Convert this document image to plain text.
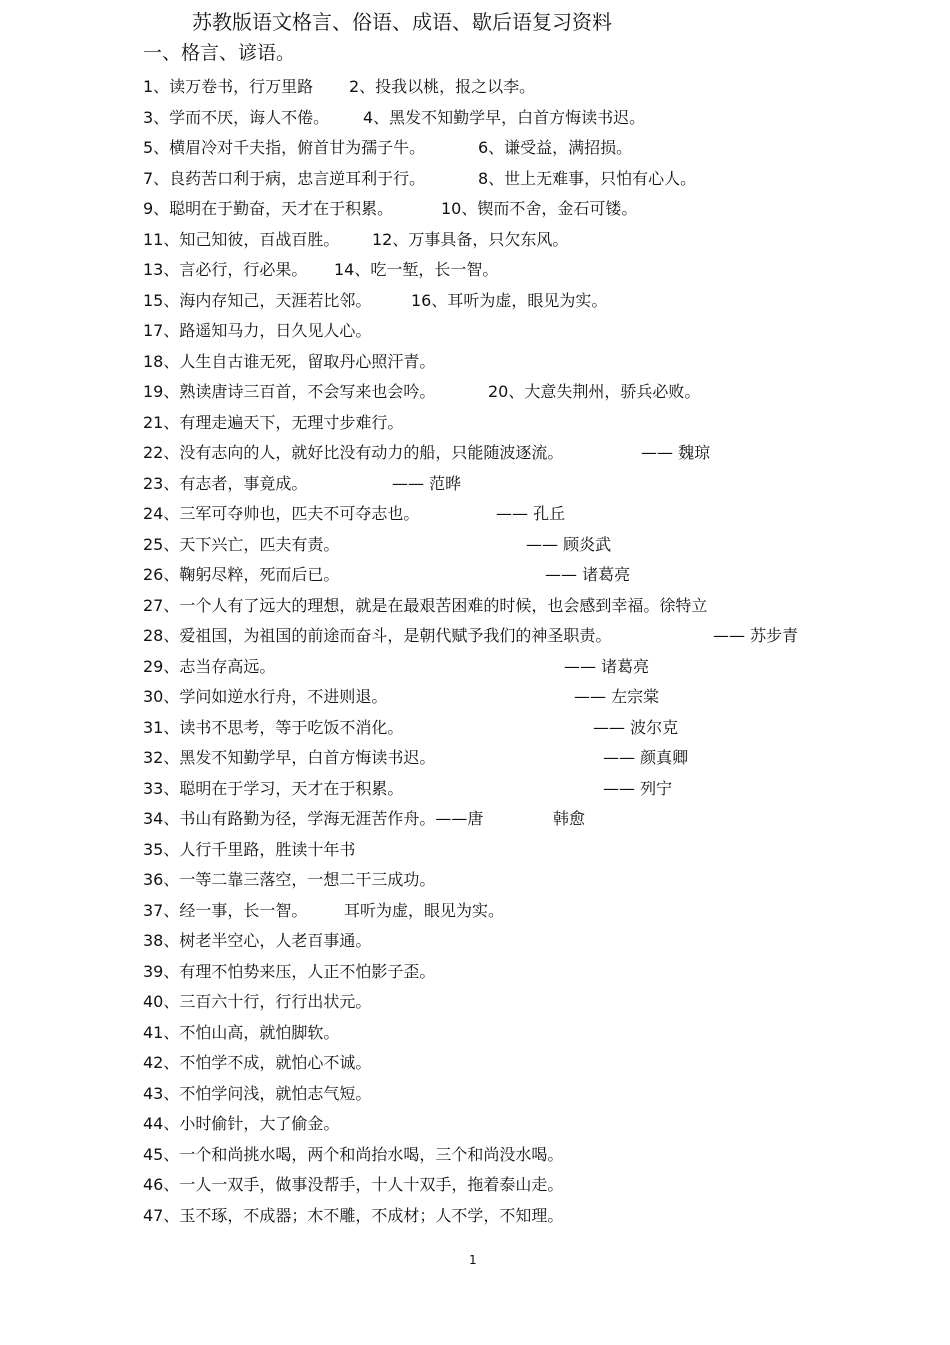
苏教版语文格言、俗语、成语、歇后语复习资料
一、格言、谚语。
1、读万卷书，行万里路 2、投我以桃，报之以李。
3、学而不厌，诲人不倦。 4、黑发不知勤学早，白首方悔读书迟。
5、横眉冷对千夫指，俯首甘为孺子牛。	6、谦受益，满招损。
7、良药苦口利于病，忠言逆耳利于行。	8、世上无难事，只怕有心人。
9、聪明在于勤奋，天才在于积累。	10、锲而不舍，金石可镂。
11、知己知彼，百战百胜。 12、万事具备，只欠东风。
13、言必行，行必果。 14、吃一堑，长一智。
15、海内存知己，天涯若比邻。 16、耳听为虚，眼见为实。
17、路遥知马力，日久见人心。
18、人生自古谁无死，留取丹心照汗青。
19、熟读唐诗三百首，不会写来也会吟。	20、大意失荆州，骄兵必败。
21、有理走遍天下，无理寸步难行。
22、没有志向的人，就好比没有动力的船，只能随波逐流。	—— 魏琼
23、有志者，事竟成。	—— 范晔
24、三军可夺帅也，匹夫不可夺志也。	—— 孔丘
25、天下兴亡，匹夫有责。	—— 顾炎武
26、鞠躬尽粹，死而后已。	—— 诸葛亮
27、一个人有了远大的理想，就是在最艰苦困难的时候，也会感到幸福。徐特立
28、爱祖国，为祖国的前途而奋斗，是朝代赋予我们的神圣职责。	—— 苏步青
29、志当存高远。	—— 诸葛亮
30、学问如逆水行舟，不进则退。	—— 左宗棠
31、读书不思考，等于吃饭不消化。	—— 波尔克
32、黑发不知勤学早，白首方悔读书迟。	—— 颜真卿
33、聪明在于学习，天才在于积累。	—— 列宁
34、书山有路勤为径，学海无涯苦作舟。——唐	韩愈
35、人行千里路，胜读十年书
36、一等二靠三落空，一想二干三成功。
37、经一事，长一智。 耳听为虚，眼见为实。
38、树老半空心，人老百事通。
39、有理不怕势来压，人正不怕影子歪。
40、三百六十行，行行出状元。
41、不怕山高，就怕脚软。
42、不怕学不成，就怕心不诚。
43、不怕学问浅，就怕志气短。
44、小时偷针，大了偷金。
45、一个和尚挑水喝，两个和尚抬水喝，三个和尚没水喝。
46、一人一双手，做事没帮手，十人十双手，拖着泰山走。
47、玉不琢，不成器；木不雕，不成材；人不学，不知理。
1
